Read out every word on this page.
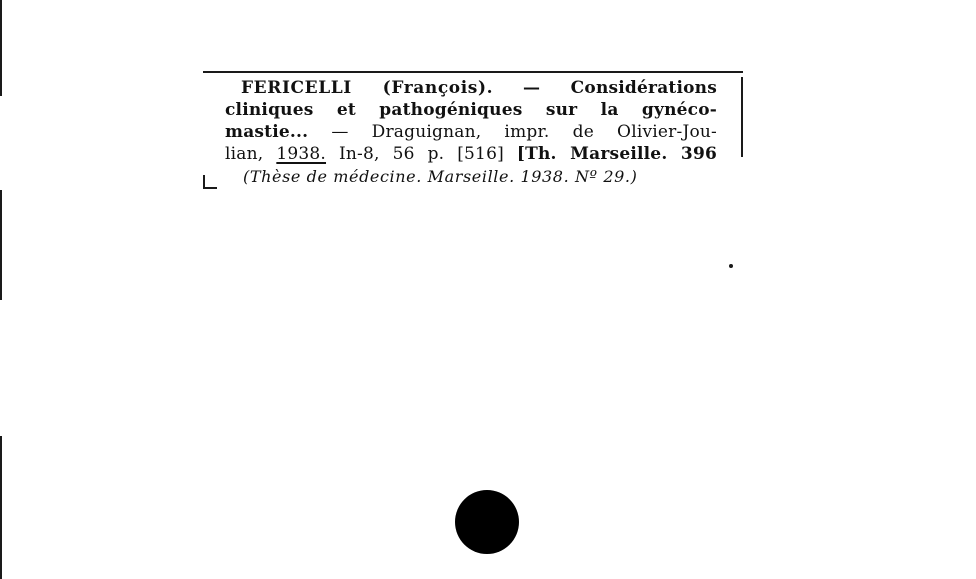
FERICELLI (François). — Considérations
cliniques et pathogéniques sur la gynéco-
mastie... — Draguignan, impr. de Olivier-Jou-
lian, 1938. In-8, 56 p. [516] [Th. Marseille. 396
(Thèse de médecine. Marseille. 1938. Nº 29.)
